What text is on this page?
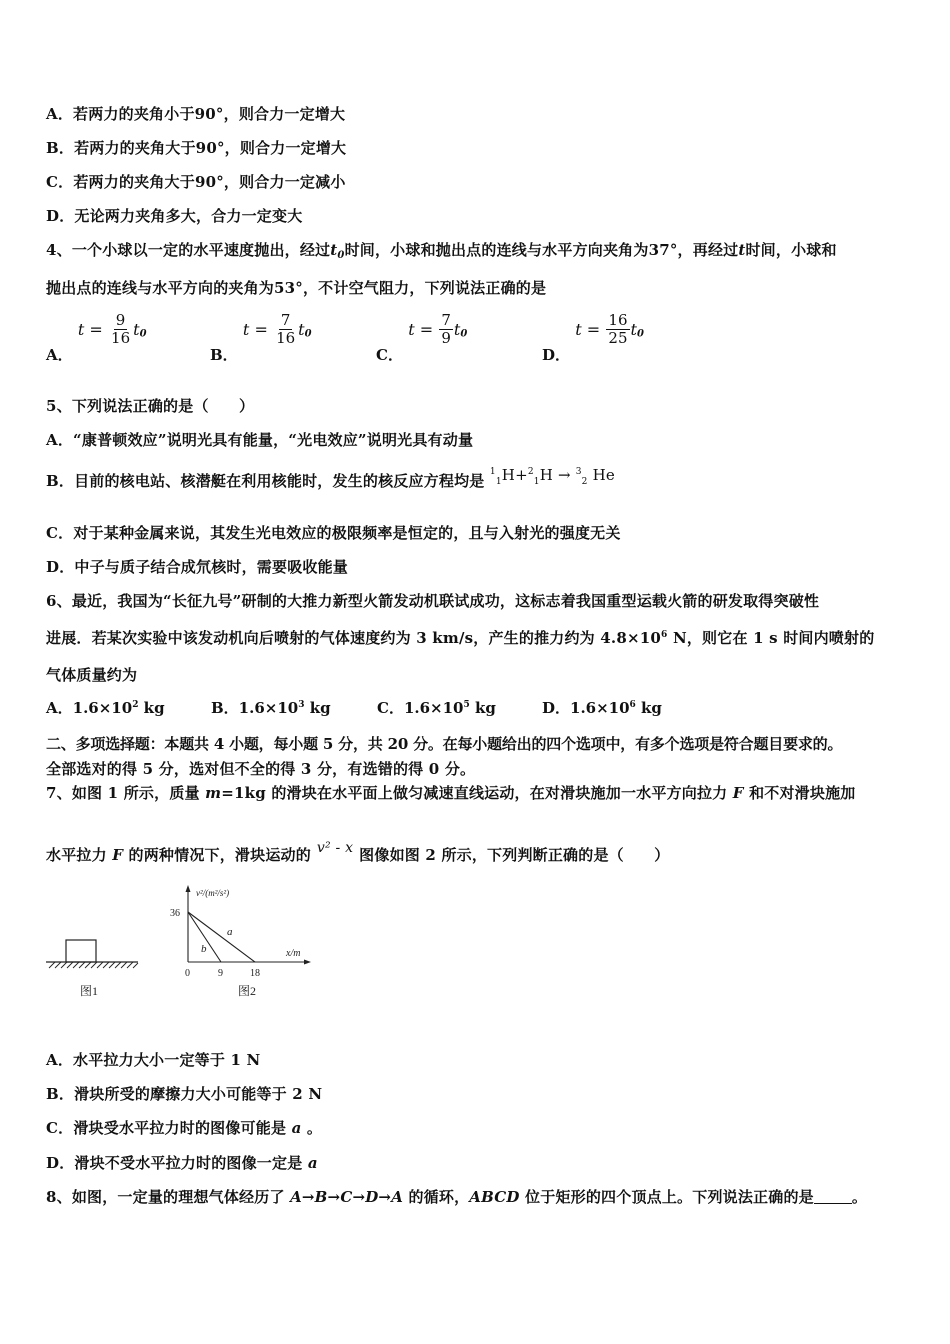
A．若两力的夹角小于90°，则合力一定增大
B．若两力的夹角大于90°，则合力一定增大
C．若两力的夹角大于90°，则合力一定减小
D．无论两力夹角多大，合力一定变大
4、一个小球以一定的水平速度抛出，经过$t_0$时间，小球和抛出点的连线与水平方向夹角为37°，再经过t时间，小球和
抛出点的连线与水平方向的夹角为53°，不计空气阻力，下列说法正确的是
A． $t = \frac{9}{16} t_0$
B． $t = \frac{7}{16} t_0$
C． $t = \frac{7}{9} t_0$
D． $t = \frac{16}{25} t_0$
5、下列说法正确的是（　　）
A．“康普顿效应”说明光具有能量，“光电效应”说明光具有动量
B．目前的核电站、核潜艇在利用核能时，发生的核反应方程均是 $^1_1$H+$^2_1$H → $^3_2$ He
C．对于某种金属来说，其发生光电效应的极限频率是恒定的，且与入射光的强度无关
D．中子与质子结合成氘核时，需要吸收能量
6、最近，我国为“长征九号”研制的大推力新型火箭发动机联试成功，这标志着我国重型运载火箭的研发取得突破性
进展．若某次实验中该发动机向后喷射的气体速度约为 3 km/s，产生的推力约为 $4.8\times 10^6$ N，则它在 1 s 时间内喷射的
气体质量约为
A．$1.6\times 10^2$ kg	B．$1.6\times 10^3$ kg	C．$1.6\times 10^5$ kg	D．$1.6\times 10^6$ kg
二、多项选择题：本题共 4 小题，每小题 5 分，共 20 分。在每小题给出的四个选项中，有多个选项是符合题目要求的。
全部选对的得 5 分，选对但不全的得 3 分，有选错的得 0 分。
7、如图 1 所示，质量 m=1kg 的滑块在水平面上做匀减速直线运动，在对滑块施加一水平方向拉力 F 和不对滑块施加
水平拉力 F 的两种情况下，滑块运动的 v² - x 图像如图 2 所示，下列判断正确的是（　　）
图1
v²/(m²/s²)
x/m
36
0	9	18
a
b
图2
A．水平拉力大小一定等于 1 N
B．滑块所受的摩擦力大小可能等于 2 N
C．滑块受水平拉力时的图像可能是 a 。
D．滑块不受水平拉力时的图像一定是 a
8、如图，一定量的理想气体经历了 A→B→C→D→A 的循环，ABCD 位于矩形的四个顶点上。下列说法正确的是	。
